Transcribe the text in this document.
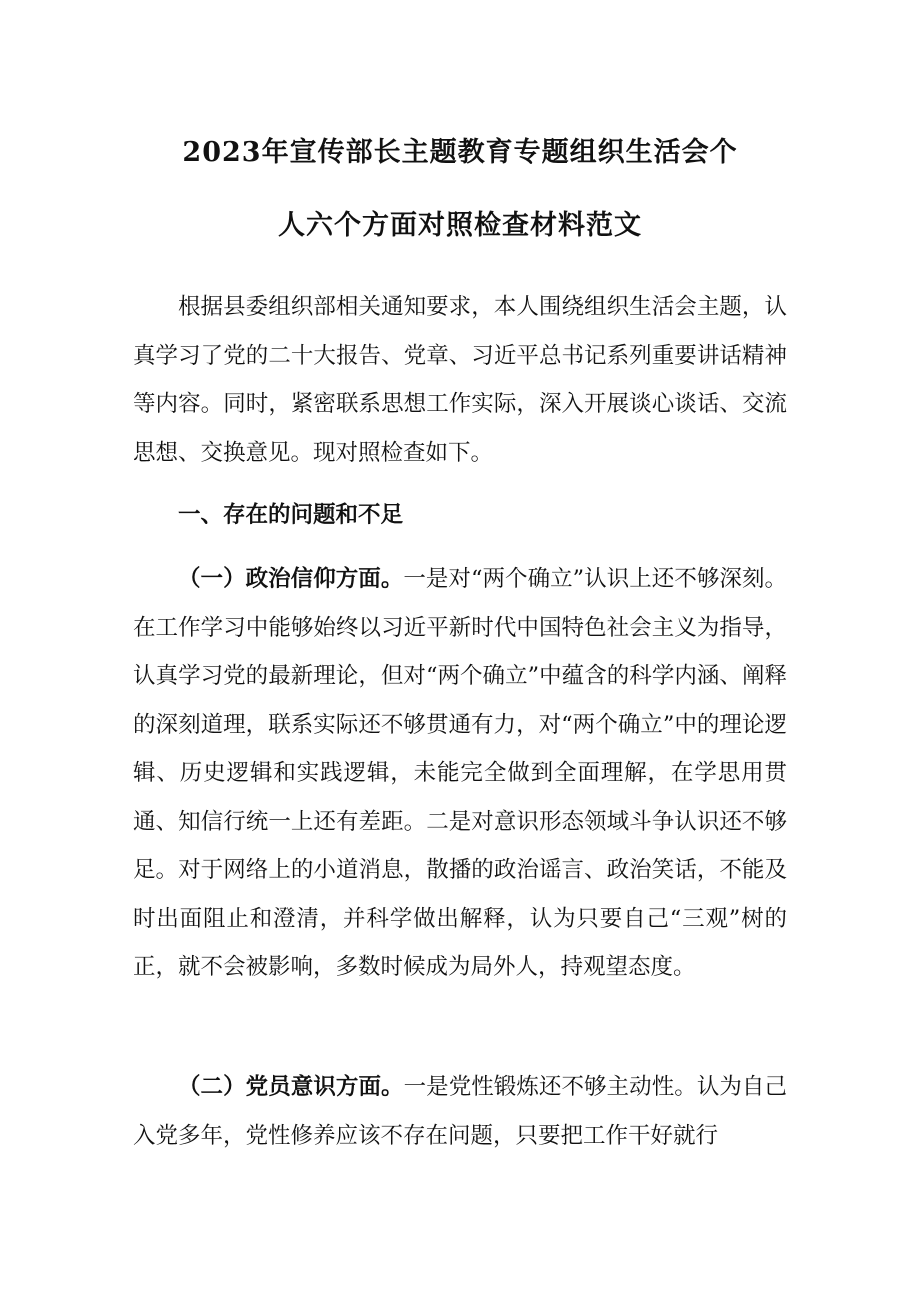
2023年宣传部长主题教育专题组织生活会个
人六个方面对照检查材料范文

根据县委组织部相关通知要求，本人围绕组织生活会主题，认真学习了党的二十大报告、党章、习近平总书记系列重要讲话精神等内容。同时，紧密联系思想工作实际，深入开展谈心谈话、交流思想、交换意见。现对照检查如下。

一、存在的问题和不足

（一）政治信仰方面。一是对“两个确立”认识上还不够深刻。在工作学习中能够始终以习近平新时代中国特色社会主义为指导，认真学习党的最新理论，但对“两个确立”中蕴含的科学内涵、阐释的深刻道理，联系实际还不够贯通有力，对“两个确立”中的理论逻辑、历史逻辑和实践逻辑，未能完全做到全面理解，在学思用贯通、知信行统一上还有差距。二是对意识形态领域斗争认识还不够足。对于网络上的小道消息，散播的政治谣言、政治笑话，不能及时出面阻止和澄清，并科学做出解释，认为只要自己“三观”树的正，就不会被影响，多数时候成为局外人，持观望态度。

（二）党员意识方面。一是党性锻炼还不够主动性。认为自己入党多年，党性修养应该不存在问题，只要把工作干好就行
